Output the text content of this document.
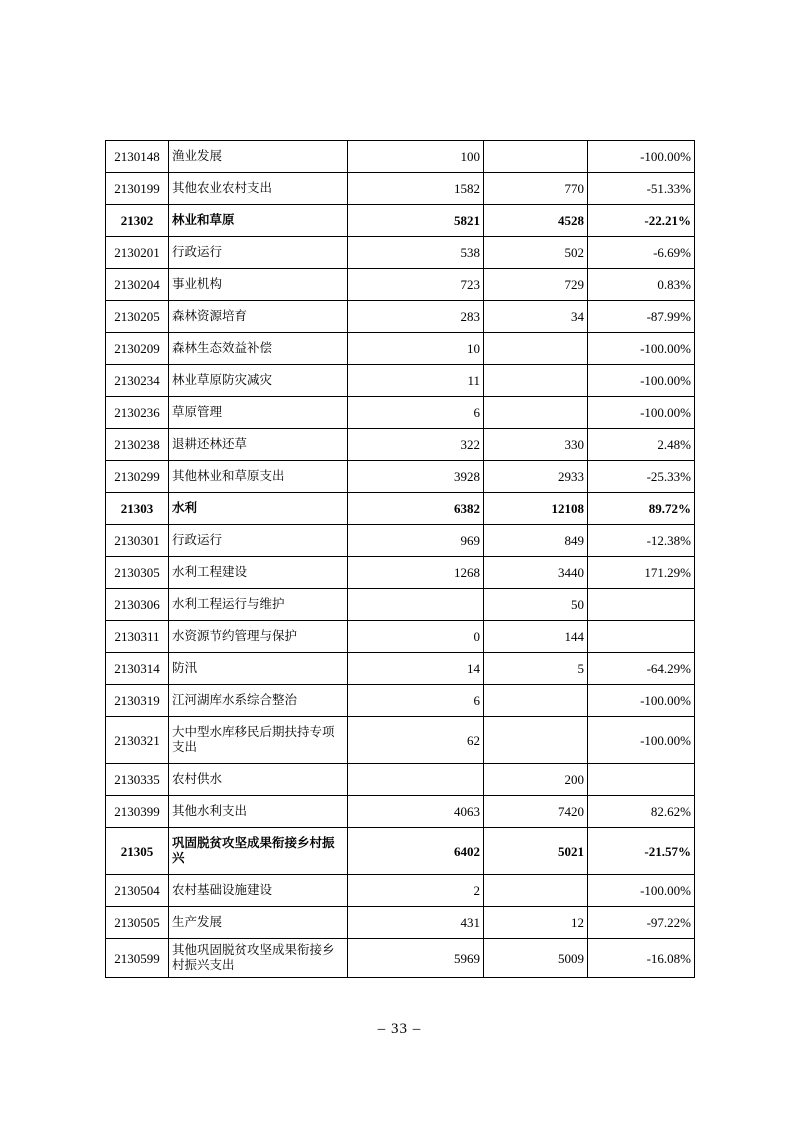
2130148	渔业发展	100		-100.00%
2130199	其他农业农村支出	1582	770	-51.33%
21302	林业和草原	5821	4528	-22.21%
2130201	行政运行	538	502	-6.69%
2130204	事业机构	723	729	0.83%
2130205	森林资源培育	283	34	-87.99%
2130209	森林生态效益补偿	10		-100.00%
2130234	林业草原防灾减灾	11		-100.00%
2130236	草原管理	6		-100.00%
2130238	退耕还林还草	322	330	2.48%
2130299	其他林业和草原支出	3928	2933	-25.33%
21303	水利	6382	12108	89.72%
2130301	行政运行	969	849	-12.38%
2130305	水利工程建设	1268	3440	171.29%
2130306	水利工程运行与维护		50	
2130311	水资源节约管理与保护	0	144	
2130314	防汛	14	5	-64.29%
2130319	江河湖库水系综合整治	6		-100.00%
2130321	大中型水库移民后期扶持专项支出	62		-100.00%
2130335	农村供水		200	
2130399	其他水利支出	4063	7420	82.62%
21305	巩固脱贫攻坚成果衔接乡村振兴	6402	5021	-21.57%
2130504	农村基础设施建设	2		-100.00%
2130505	生产发展	431	12	-97.22%
2130599	其他巩固脱贫攻坚成果衔接乡村振兴支出	5969	5009	-16.08%
– 33 –
